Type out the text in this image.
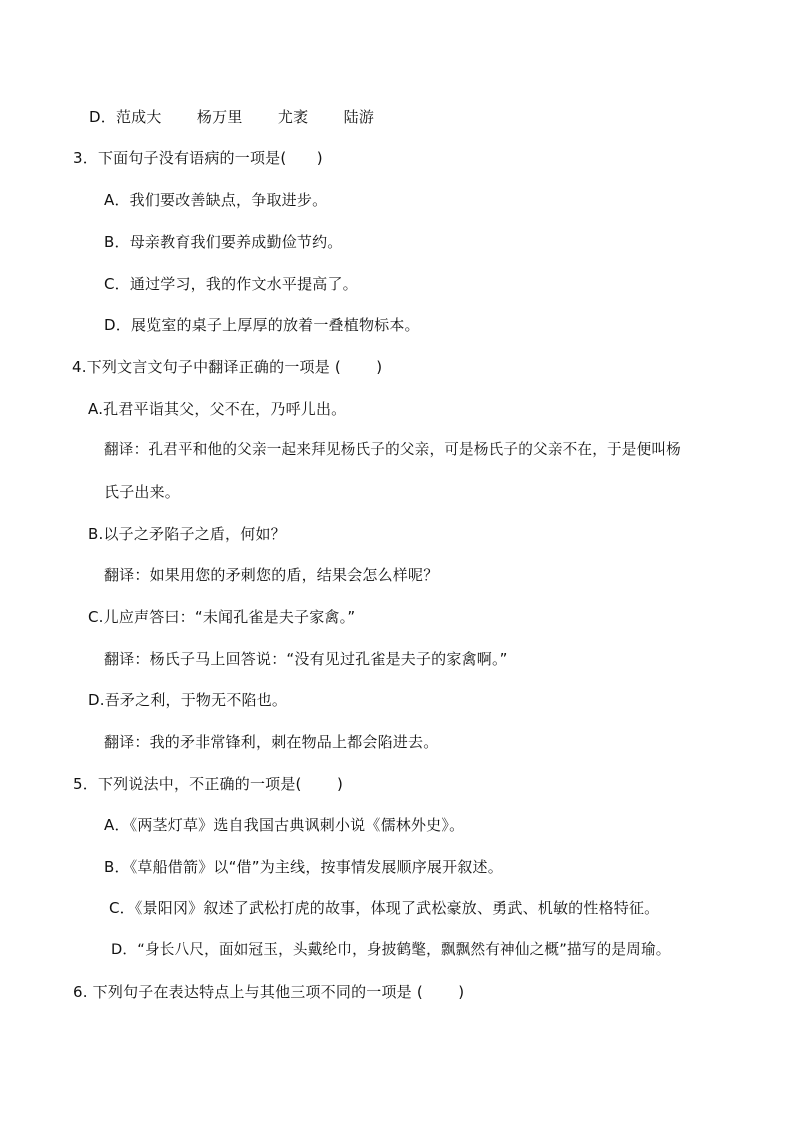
D．范成大　　 杨万里　　 尤袤　　 陆游
3．下面句子没有语病的一项是(　　)
A．我们要改善缺点，争取进步。
B．母亲教育我们要养成勤俭节约。
C．通过学习，我的作文水平提高了。
D．展览室的桌子上厚厚的放着一叠植物标本。
4.下列文言文句子中翻译正确的一项是 (　　 )
A.孔君平诣其父，父不在，乃呼儿出。
翻译：孔君平和他的父亲一起来拜见杨氏子的父亲，可是杨氏子的父亲不在，于是便叫杨
氏子出来。
B.以子之矛陷子之盾，何如？
翻译：如果用您的矛刺您的盾，结果会怎么样呢？
C.儿应声答曰：“未闻孔雀是夫子家禽。”
翻译：杨氏子马上回答说：“没有见过孔雀是夫子的家禽啊。”
D.吾矛之利，于物无不陷也。
翻译：我的矛非常锋利，刺在物品上都会陷进去。
5．下列说法中，不正确的一项是(　　 )
A．《两茎灯草》选自我国古典讽刺小说《儒林外史》。
B．《草船借箭》以“借”为主线，按事情发展顺序展开叙述。
C．《景阳冈》叙述了武松打虎的故事，体现了武松豪放、勇武、机敏的性格特征。
D．“身长八尺，面如冠玉，头戴纶巾，身披鹤氅，飘飘然有神仙之概”描写的是周瑜。
6. 下列句子在表达特点上与其他三项不同的一项是 (　　 )
